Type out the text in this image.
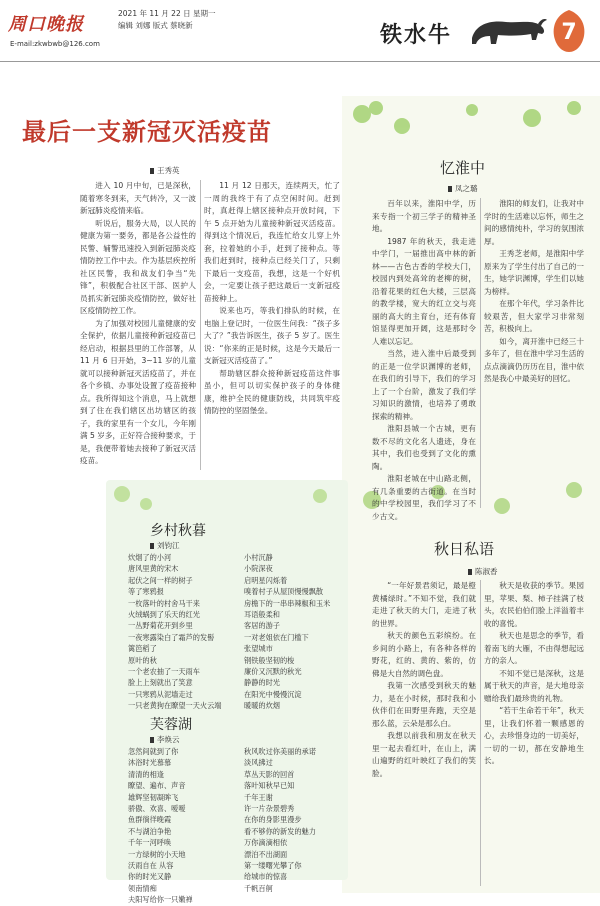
周口晚报
E-mail:zkwbwb@126.com
2021 年 11 月 22 日 星期一
编辑 刘娜 版式 蔡晓新	铁水牛	7
最后一支新冠灭活疫苗
王秀英

进入 10 月中旬，已是深秋，随着寒冬到来，天气转冷，又一波新冠肺炎疫情来临。

听说后，服务大局，以人民的健康为第一要务，都是各公益性的民警、辅警迅速投入到新冠肺炎疫情防控工作中去。作为基层疾控所社区民警，我和战友们争当“先锋”，积极配合社区干部、医护人员抓实新冠肺炎疫情防控，做好社区疫情防控工作。

为了加强对校园儿童健康的安全保护，依据儿童接种新冠疫苗已经启动，根据县里的工作部署，从 11 月 6 日开始，3~11 岁的儿童就可以接种新冠灭活疫苗了，并在各个乡镇、办事处设置了疫苗接种点。我所得知这个消息，马上就想到了住在我们辖区出坊辖区的孩子，我的家里有一个女儿，今年刚满 5 岁多，正好符合接种要求，于是，我便带着她去接种了新冠灭活疫苗。

11 月 12 日那天，连续两天，忙了一周的我终于有了点空闲时间。赶到时，真赶得上辖区接种点开放时间，下午 5 点开始为儿童接种新冠灭活疫苗。得到这个情况后，我连忙给女儿穿上外套，拉着她的小手，赶到了接种点。等我们赶到时，接种点已经关门了，只剩下最后一支疫苗，我想，这是一个好机会，一定要让孩子把这最后一支新冠疫苗接种上。

说来也巧，等我们排队的时候，在电脑上登记时，一位医生问我：“孩子多大了？”我告诉医生，孩子 5 岁了。医生说：“你来的正是时候，这是今天最后一支新冠灭活疫苗了。”

帮助辖区群众接种新冠疫苗这件事虽小，但可以切实保护孩子的身体健康，维护全民的健康防线，共同筑牢疫情防控的坚固堡垒。

乡村秋暮
刘钧江
炊烟了的小河
唐风里黄的宋木
起伏之间一样的树子
等了寒鸦报
一枚落叶的村舍马干来
火绒蜗到了乐天的红光
一丛野菊花开到乡里
一夜寒露染白了霜芦的发髻
篱笆稻了
原叶的秋
一个老农抽了一天雨车
脸上上刻就出了笑意
一只寒鸦从泥墙走过
一只老黄狗在瞭望一天火云端
小村沉静
小院深夜
启明星闪烁着
嗅着村子从屋顶慢慢飘散
房檐下的一串串辣椒和玉米
耳语般柔和
客居的游子
一对老姐依在门槛下
张望城市
钢铁般坚韧的梭
廉价又沉默的秋光
静静的时光
在阳光中慢慢沉淀
暖暖的炊烟
芙蓉湖
李焕云
忽然间就到了你
沐浴时光慕慕
清清的相逢
瞭望、遍布、声音
雄辉坚韧凝眸飞
骄傲、欢喜、嗳嗳
鱼群徜徉晚霞
不与湖泊争艳
千年一河呼唤
一方绿树的小天地
沃雨自在 从容
你的时光又静
领南情痴
夫阳写给你一只嫩禅
秋风吹过你美丽的承诺
淡风拂过
草丛天影的回首
落叶知秋早已知
千年王谢
许一片杂景碧秀
在你的身影里漫步
看不够你的新发的魅力
万你滴滴相依
漂泊不出湖面
第一缕曙光攀了你
给城市的惊喜
千帆百舸
忆淮中
凤之璐

百年以来，淮阳中学，历来专指一个初三学子的精神圣地。

1987 年的秋天，我走进中学门，一届推出高中林的新林——古色古香的学校大门，校园内到处高耸的老柳的树，沿着花果的红色大楼，三层高的教学楼，宽大的红立交与亮丽的高大的主育台，还有体育馆显得更加开阔，这是那时令人难以忘记。

当然，进入淮中后最受到的正是一位学识渊博的老师，在我们的引导下，我们的学习上了一个台阶，激发了我们学习知识的激情，也培养了勇敢探索的精神。

淮阳县城一个古城，更有数不尽的文化名人遗迹，身在其中，我们也受到了文化的熏陶。

淮阳老城在中山路北侧，有几条重要的古街道。在当时的中学校园里，我们学习了不少古文。

淮阳的师友们，让我对中学时的生活难以忘怀，师生之间的感情纯朴，学习的氛围浓厚。

王秀芝老师，是淮阳中学原来为了学生付出了自己的一生，她学识渊博，学生们以她为榜样。

在那个年代，学习条件比较艰苦，但大家学习非常刻苦，积极向上。

如今，离开淮中已经三十多年了，但在淮中学习生活的点点滴滴仍历历在目，淮中依然是我心中最美好的回忆。

秋日私语
陈淑香

“一年好景君须记，最是橙黄橘绿时。”不知不觉，我们就走进了秋天的大门，走进了秋的世界。

秋天的颜色五彩缤纷。在乡间的小路上，有各种各样的野花，红的、黄的、紫的，仿佛是大自然的调色盘。

我第一次感受到秋天的魅力，是在小时候，那时我和小伙伴们在田野里奔跑，天空是那么蓝，云朵是那么白。

我想以前我和朋友在秋天里一起去看红叶，在山上，满山遍野的红叶映红了我们的笑脸。

秋天是收获的季节。果园里，苹果、梨、柿子挂满了枝头，农民伯伯们脸上洋溢着丰收的喜悦。

秋天也是思念的季节，看着南飞的大雁，不由得想起远方的亲人。

不知不觉已是深秋，这是属于秋天的声音，是大地母亲赠给我们最珍贵的礼物。

“若干生命若干年”，秋天里，让我们怀着一颗感恩的心，去珍惜身边的一切美好，一切的一切，都在安静地生长。
